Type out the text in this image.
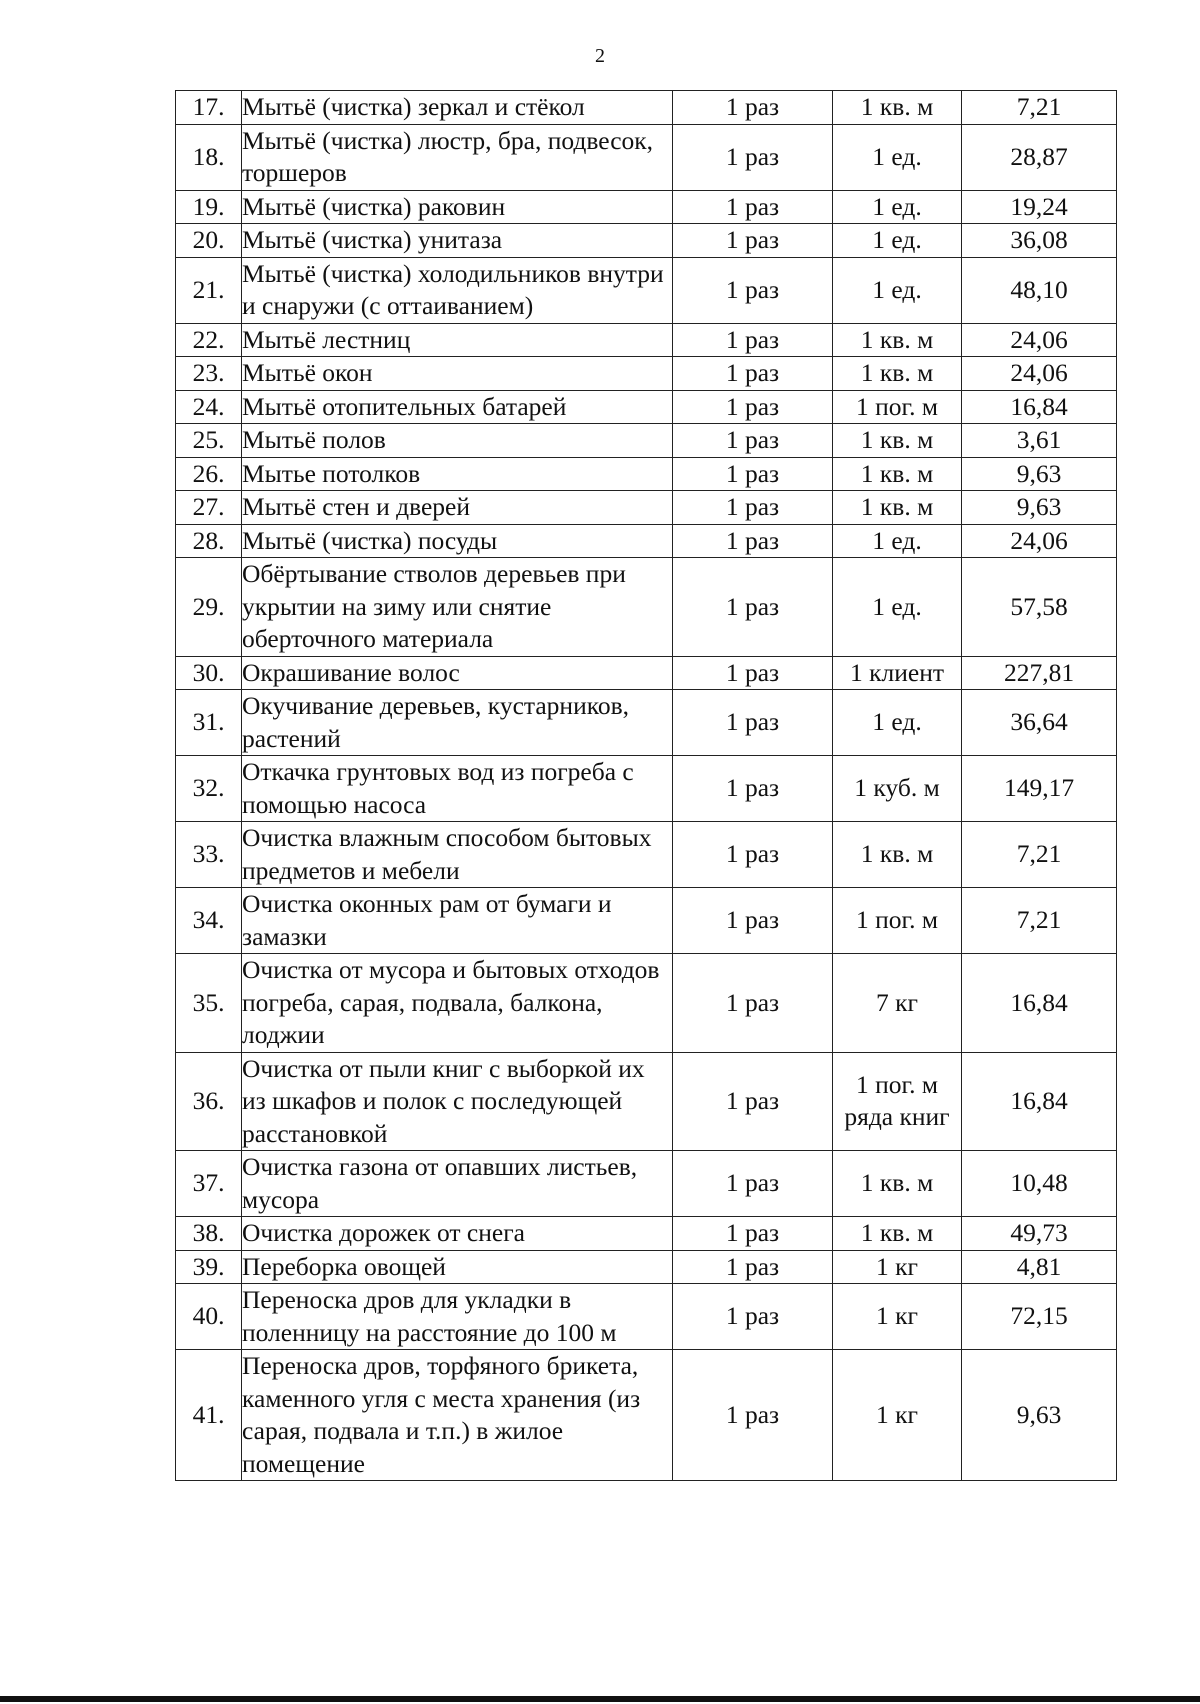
2
17.	Мытьё (чистка) зеркал и стёкол	1 раз	1 кв. м	7,21
18.	Мытьё (чистка) люстр, бра, подвесок, торшеров	1 раз	1 ед.	28,87
19.	Мытьё (чистка) раковин	1 раз	1 ед.	19,24
20.	Мытьё (чистка) унитаза	1 раз	1 ед.	36,08
21.	Мытьё (чистка) холодильников внутри и снаружи (с оттаиванием)	1 раз	1 ед.	48,10
22.	Мытьё лестниц	1 раз	1 кв. м	24,06
23.	Мытьё окон	1 раз	1 кв. м	24,06
24.	Мытьё отопительных батарей	1 раз	1 пог. м	16,84
25.	Мытьё полов	1 раз	1 кв. м	3,61
26.	Мытье потолков	1 раз	1 кв. м	9,63
27.	Мытьё стен и дверей	1 раз	1 кв. м	9,63
28.	Мытьё (чистка) посуды	1 раз	1 ед.	24,06
29.	Обёртывание стволов деревьев при укрытии на зиму или снятие оберточного материала	1 раз	1 ед.	57,58
30.	Окрашивание волос	1 раз	1 клиент	227,81
31.	Окучивание деревьев, кустарников, растений	1 раз	1 ед.	36,64
32.	Откачка грунтовых вод из погреба с помощью насоса	1 раз	1 куб. м	149,17
33.	Очистка влажным способом бытовых предметов и мебели	1 раз	1 кв. м	7,21
34.	Очистка оконных рам от бумаги и замазки	1 раз	1 пог. м	7,21
35.	Очистка от мусора и бытовых отходов погреба, сарая, подвала, балкона, лоджии	1 раз	7 кг	16,84
36.	Очистка от пыли книг с выборкой их из шкафов и полок с последующей расстановкой	1 раз	1 пог. м ряда книг	16,84
37.	Очистка газона от опавших листьев, мусора	1 раз	1 кв. м	10,48
38.	Очистка дорожек от снега	1 раз	1 кв. м	49,73
39.	Переборка овощей	1 раз	1 кг	4,81
40.	Переноска дров для укладки в поленницу на расстояние до 100 м	1 раз	1 кг	72,15
41.	Переноска дров, торфяного брикета, каменного угля с места хранения (из сарая, подвала и т.п.) в жилое помещение	1 раз	1 кг	9,63
